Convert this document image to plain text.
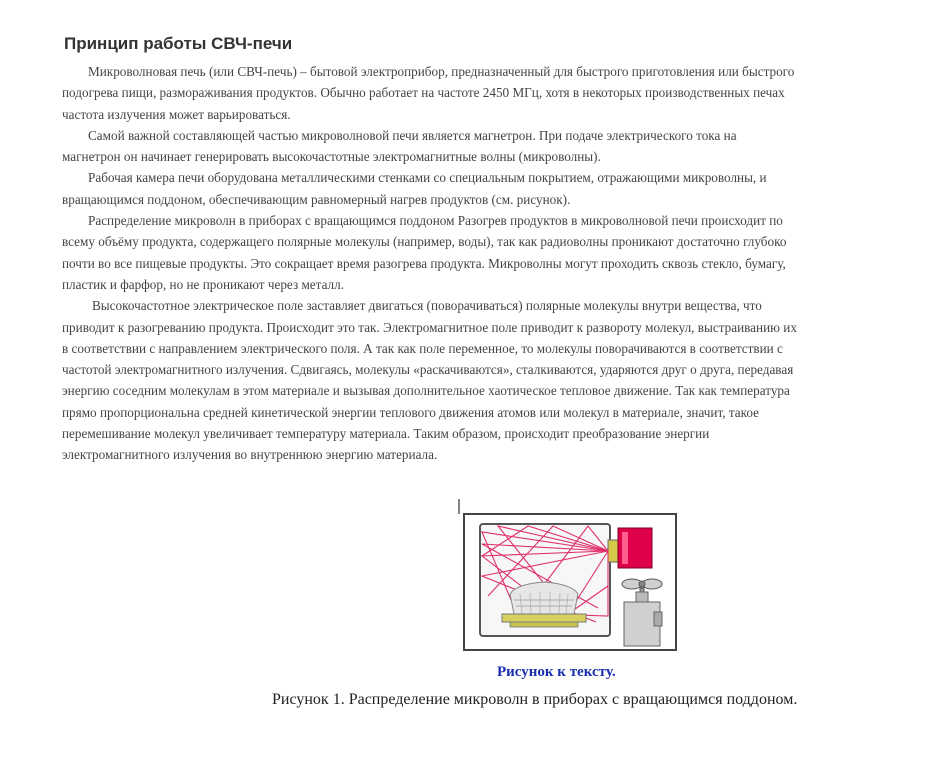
Принцип работы СВЧ-печи

Микроволновая печь (или СВЧ-печь) – бытовой электроприбор, предназначенный для быстрого приготовления или быстрого подогрева пищи, размораживания продуктов. Обычно работает на частоте 2450 МГц, хотя в некоторых производственных печах частота излучения может варьироваться.

Самой важной составляющей частью микроволновой печи является магнетрон. При подаче электрического тока на магнетрон он начинает генерировать высокочастотные электромагнитные волны (микроволны).

Рабочая камера печи оборудована металлическими стенками со специальным покрытием, отражающими микроволны, и вращающимся поддоном, обеспечивающим равномерный нагрев продуктов (см. рисунок).

Распределение микроволн в приборах с вращающимся поддоном Разогрев продуктов в микроволновой печи происходит по всему объёму продукта, содержащего полярные молекулы (например, воды), так как радиоволны проникают достаточно глубоко почти во все пищевые продукты. Это сокращает время разогрева продукта. Микроволны могут проходить сквозь стекло, бумагу, пластик и фарфор, но не проникают через металл.

Высокочастотное электрическое поле заставляет двигаться (поворачиваться) полярные молекулы внутри вещества, что приводит к разогреванию продукта. Происходит это так. Электромагнитное поле приводит к развороту молекул, выстраиванию их в соответствии с направлением электрического поля. А так как поле переменное, то молекулы поворачиваются в соответствии с частотой электромагнитного излучения. Сдвигаясь, молекулы «раскачиваются», сталкиваются, ударяются друг о друга, передавая энергию соседним молекулам в этом материале и вызывая дополнительное хаотическое тепловое движение. Так как температура прямо пропорциональна средней кинетической энергии теплового движения атомов или молекул в материале, значит, такое перемешивание молекул увеличивает температуру материала. Таким образом, происходит преобразование энергии электромагнитного излучения во внутреннюю энергию материала.

Рисунок к тексту.
Рисунок 1. Распределение микроволн в приборах с вращающимся поддоном.
